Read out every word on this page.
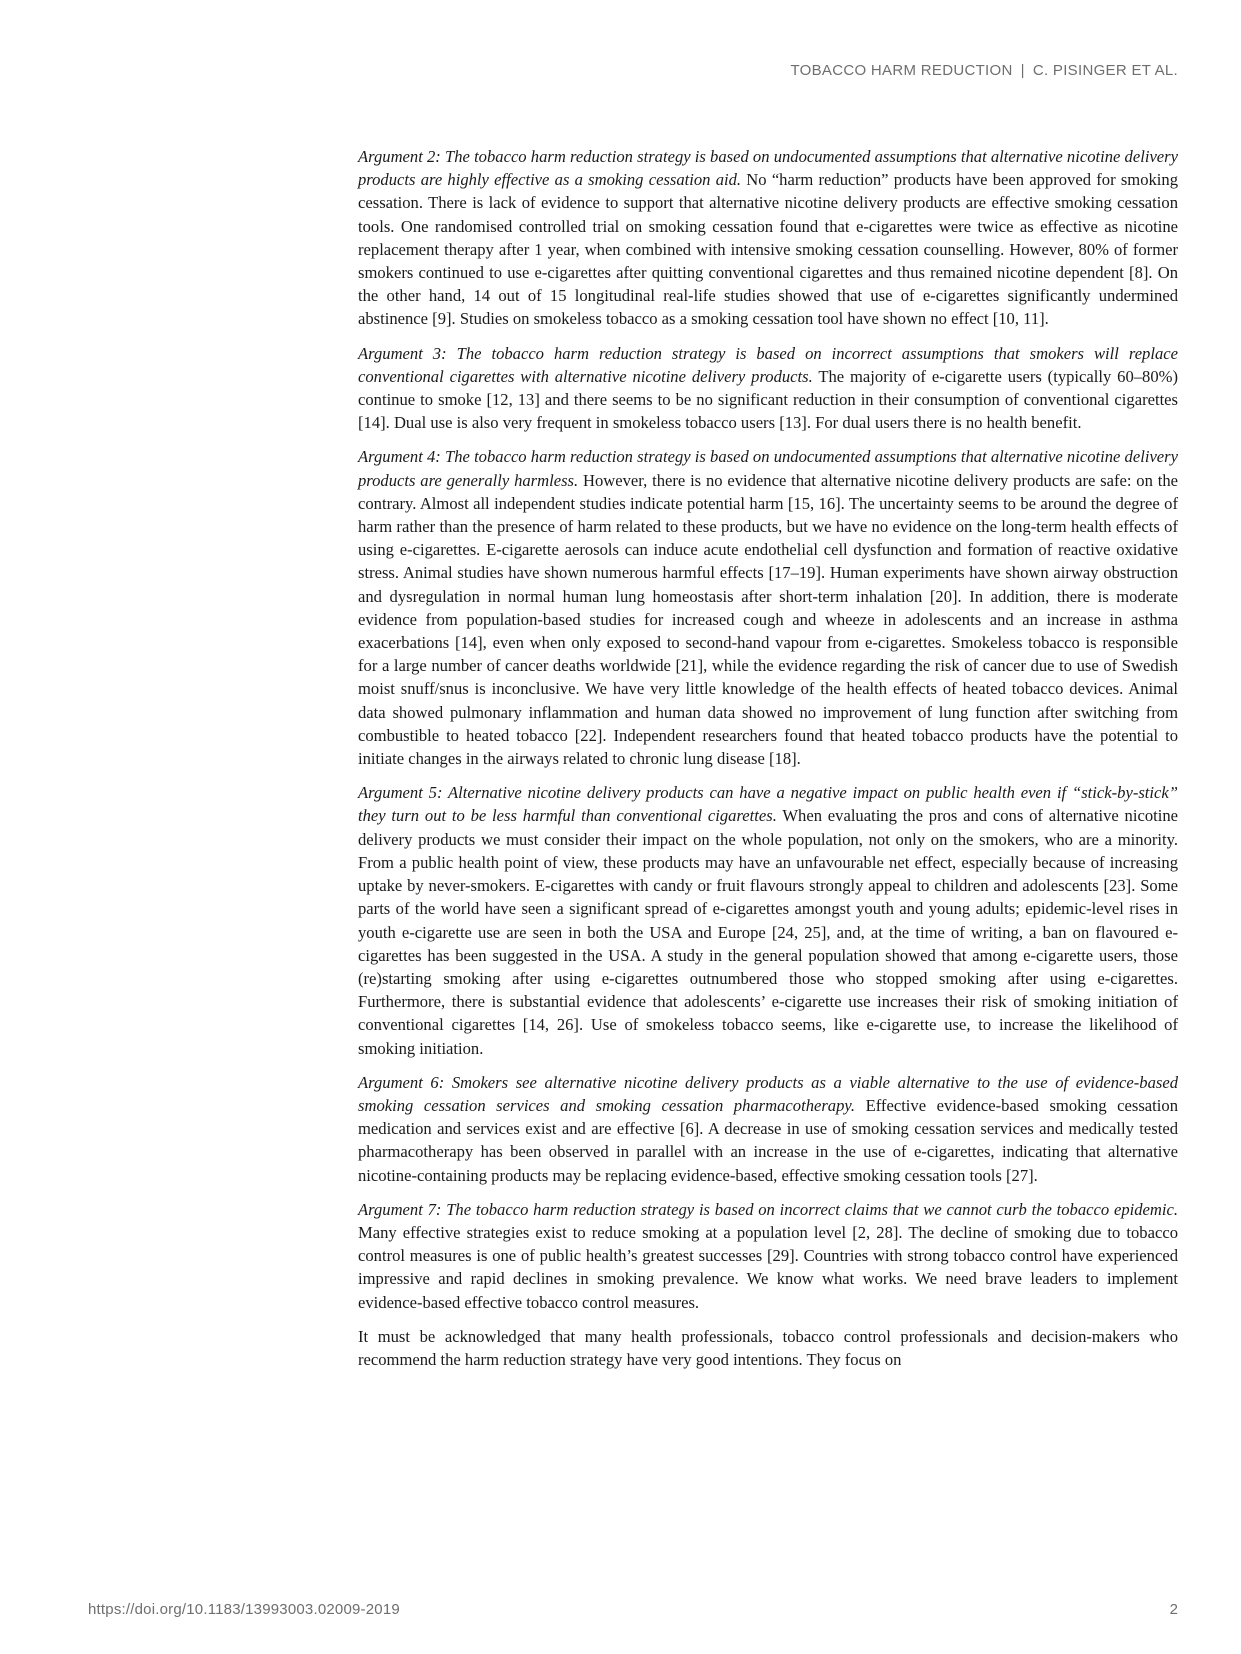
TOBACCO HARM REDUCTION | C. PISINGER ET AL.

Argument 2: The tobacco harm reduction strategy is based on undocumented assumptions that alternative nicotine delivery products are highly effective as a smoking cessation aid. No “harm reduction” products have been approved for smoking cessation. There is lack of evidence to support that alternative nicotine delivery products are effective smoking cessation tools. One randomised controlled trial on smoking cessation found that e-cigarettes were twice as effective as nicotine replacement therapy after 1 year, when combined with intensive smoking cessation counselling. However, 80% of former smokers continued to use e-cigarettes after quitting conventional cigarettes and thus remained nicotine dependent [8]. On the other hand, 14 out of 15 longitudinal real-life studies showed that use of e-cigarettes significantly undermined abstinence [9]. Studies on smokeless tobacco as a smoking cessation tool have shown no effect [10, 11].

Argument 3: The tobacco harm reduction strategy is based on incorrect assumptions that smokers will replace conventional cigarettes with alternative nicotine delivery products. The majority of e-cigarette users (typically 60–80%) continue to smoke [12, 13] and there seems to be no significant reduction in their consumption of conventional cigarettes [14]. Dual use is also very frequent in smokeless tobacco users [13]. For dual users there is no health benefit.

Argument 4: The tobacco harm reduction strategy is based on undocumented assumptions that alternative nicotine delivery products are generally harmless. However, there is no evidence that alternative nicotine delivery products are safe: on the contrary. Almost all independent studies indicate potential harm [15, 16]. The uncertainty seems to be around the degree of harm rather than the presence of harm related to these products, but we have no evidence on the long-term health effects of using e-cigarettes. E-cigarette aerosols can induce acute endothelial cell dysfunction and formation of reactive oxidative stress. Animal studies have shown numerous harmful effects [17–19]. Human experiments have shown airway obstruction and dysregulation in normal human lung homeostasis after short-term inhalation [20]. In addition, there is moderate evidence from population-based studies for increased cough and wheeze in adolescents and an increase in asthma exacerbations [14], even when only exposed to second-hand vapour from e-cigarettes. Smokeless tobacco is responsible for a large number of cancer deaths worldwide [21], while the evidence regarding the risk of cancer due to use of Swedish moist snuff/snus is inconclusive. We have very little knowledge of the health effects of heated tobacco devices. Animal data showed pulmonary inflammation and human data showed no improvement of lung function after switching from combustible to heated tobacco [22]. Independent researchers found that heated tobacco products have the potential to initiate changes in the airways related to chronic lung disease [18].

Argument 5: Alternative nicotine delivery products can have a negative impact on public health even if “stick-by-stick” they turn out to be less harmful than conventional cigarettes. When evaluating the pros and cons of alternative nicotine delivery products we must consider their impact on the whole population, not only on the smokers, who are a minority. From a public health point of view, these products may have an unfavourable net effect, especially because of increasing uptake by never-smokers. E-cigarettes with candy or fruit flavours strongly appeal to children and adolescents [23]. Some parts of the world have seen a significant spread of e-cigarettes amongst youth and young adults; epidemic-level rises in youth e-cigarette use are seen in both the USA and Europe [24, 25], and, at the time of writing, a ban on flavoured e-cigarettes has been suggested in the USA. A study in the general population showed that among e-cigarette users, those (re)starting smoking after using e-cigarettes outnumbered those who stopped smoking after using e-cigarettes. Furthermore, there is substantial evidence that adolescents’ e-cigarette use increases their risk of smoking initiation of conventional cigarettes [14, 26]. Use of smokeless tobacco seems, like e-cigarette use, to increase the likelihood of smoking initiation.

Argument 6: Smokers see alternative nicotine delivery products as a viable alternative to the use of evidence-based smoking cessation services and smoking cessation pharmacotherapy. Effective evidence-based smoking cessation medication and services exist and are effective [6]. A decrease in use of smoking cessation services and medically tested pharmacotherapy has been observed in parallel with an increase in the use of e-cigarettes, indicating that alternative nicotine-containing products may be replacing evidence-based, effective smoking cessation tools [27].

Argument 7: The tobacco harm reduction strategy is based on incorrect claims that we cannot curb the tobacco epidemic. Many effective strategies exist to reduce smoking at a population level [2, 28]. The decline of smoking due to tobacco control measures is one of public health’s greatest successes [29]. Countries with strong tobacco control have experienced impressive and rapid declines in smoking prevalence. We know what works. We need brave leaders to implement evidence-based effective tobacco control measures.

It must be acknowledged that many health professionals, tobacco control professionals and decision-makers who recommend the harm reduction strategy have very good intentions. They focus on

https://doi.org/10.1183/13993003.02009-2019	2
